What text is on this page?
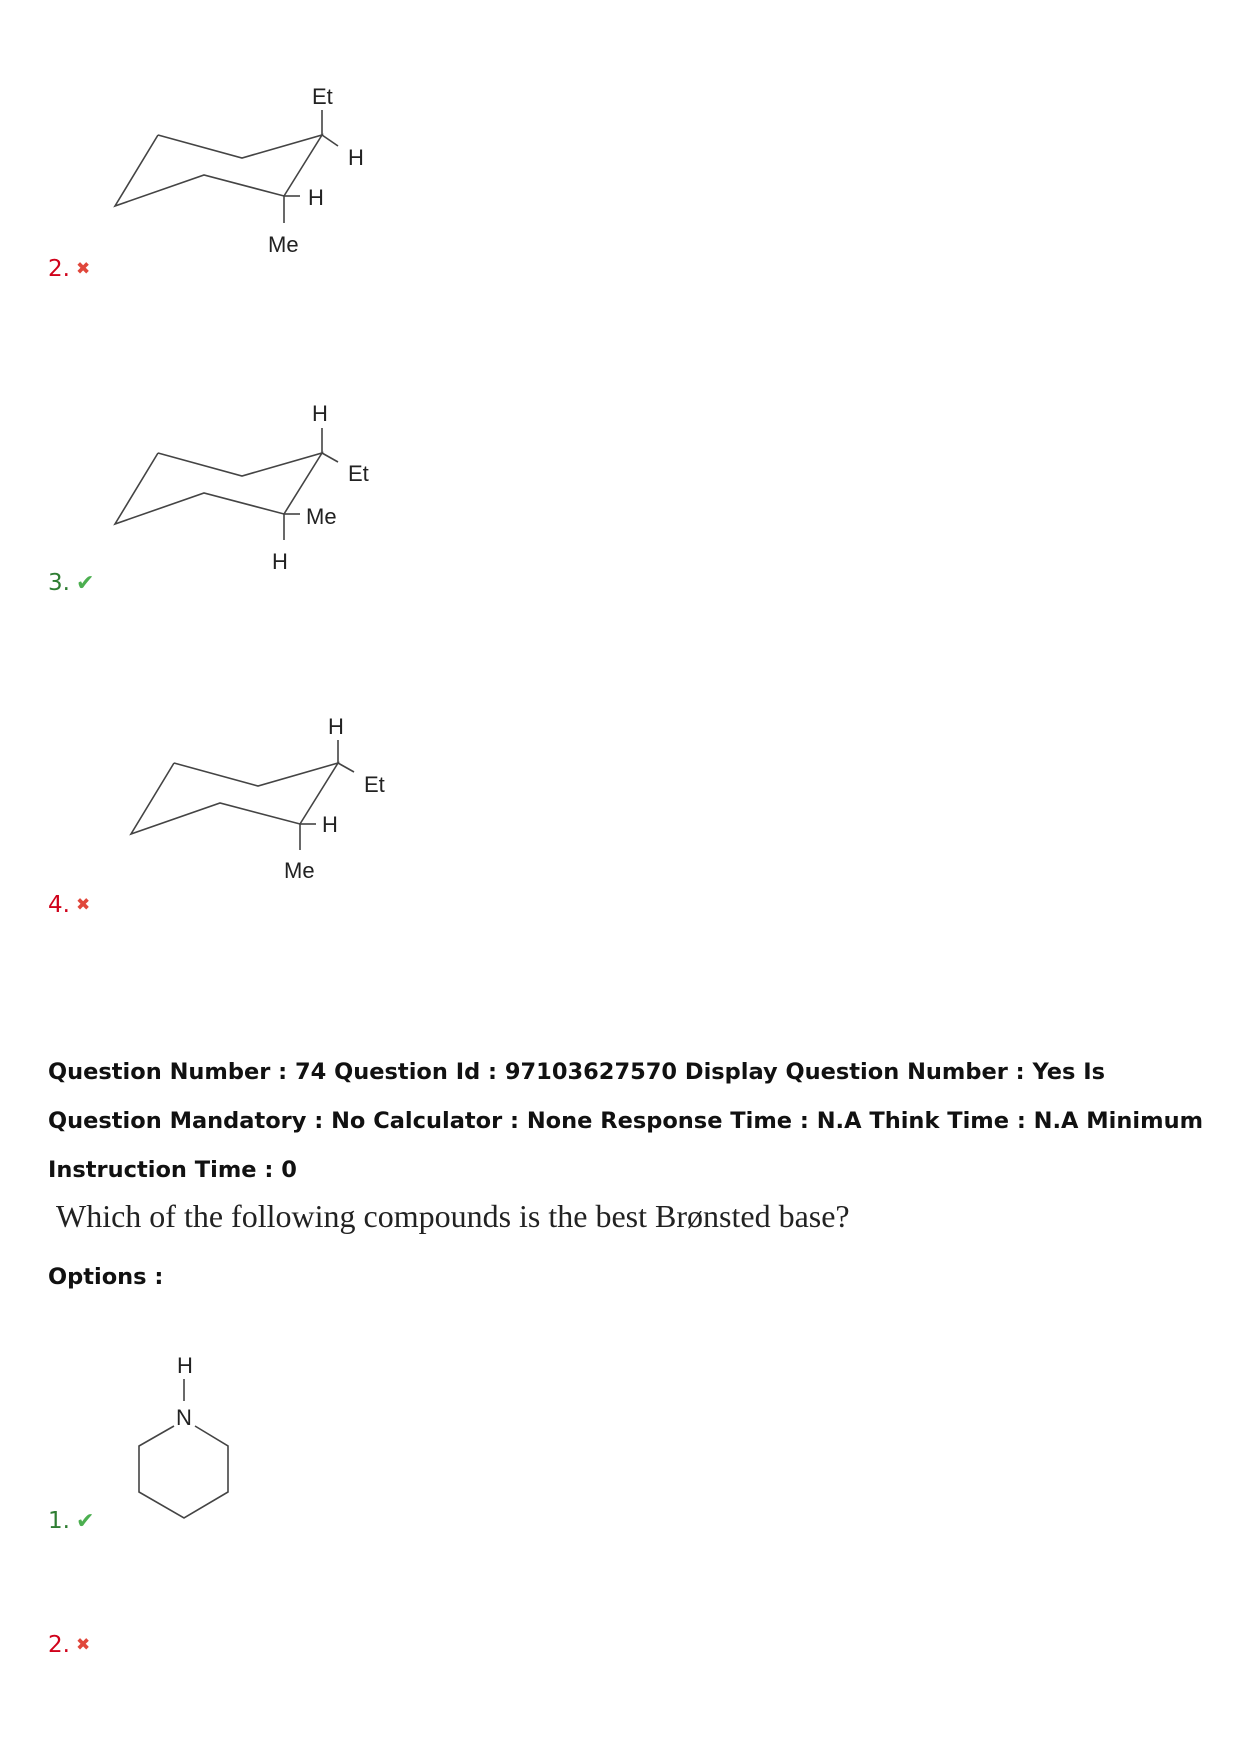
Et
H
H
Me
2. ✖
H
Et
Me
H
3. ✔
H
Et
H
Me
4. ✖
Question Number : 74 Question Id : 97103627570 Display Question Number : Yes Is Question Mandatory : No Calculator : None Response Time : N.A Think Time : N.A Minimum Instruction Time : 0
Which of the following compounds is the best Brønsted base?
Options :
H
N
1. ✔
2. ✖
